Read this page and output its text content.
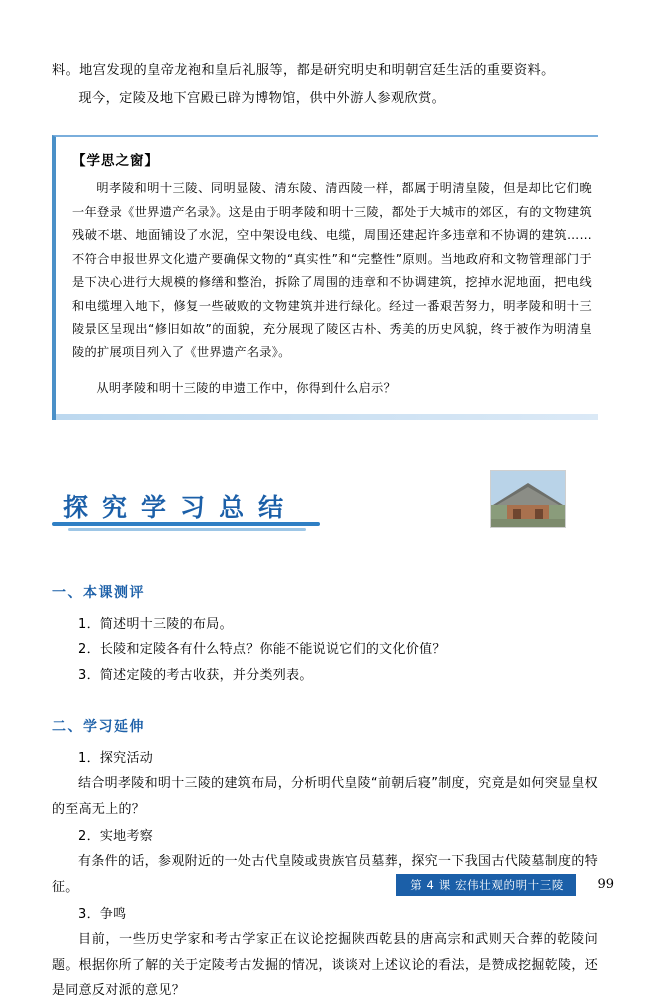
料。地宫发现的皇帝龙袍和皇后礼服等，都是研究明史和明朝宫廷生活的重要资料。

现今，定陵及地下宫殿已辟为博物馆，供中外游人参观欣赏。

【学思之窗】

明孝陵和明十三陵、同明显陵、清东陵、清西陵一样，都属于明清皇陵，但是却比它们晚一年登录《世界遗产名录》。这是由于明孝陵和明十三陵，都处于大城市的郊区，有的文物建筑残破不堪、地面铺设了水泥，空中架设电线、电缆，周围还建起许多违章和不协调的建筑……不符合申报世界文化遗产要确保文物的“真实性”和“完整性”原则。当地政府和文物管理部门于是下决心进行大规模的修缮和整治，拆除了周围的违章和不协调建筑，挖掉水泥地面，把电线和电缆埋入地下，修复一些破败的文物建筑并进行绿化。经过一番艰苦努力，明孝陵和明十三陵景区呈现出“修旧如故”的面貌，充分展现了陵区古朴、秀美的历史风貌，终于被作为明清皇陵的扩展项目列入了《世界遗产名录》。

从明孝陵和明十三陵的申遗工作中，你得到什么启示？

探 究 学 习 总 结
一、本课测评
1．简述明十三陵的布局。
2．长陵和定陵各有什么特点？你能不能说说它们的文化价值？
3．简述定陵的考古收获，并分类列表。
二、学习延伸

1．探究活动

结合明孝陵和明十三陵的建筑布局，分析明代皇陵“前朝后寝”制度，究竟是如何突显皇权的至高无上的？

2．实地考察

有条件的话，参观附近的一处古代皇陵或贵族官员墓葬，探究一下我国古代陵墓制度的特征。

3．争鸣

目前，一些历史学家和考古学家正在议论挖掘陕西乾县的唐高宗和武则天合葬的乾陵问题。根据你所了解的关于定陵考古发掘的情况，谈谈对上述议论的看法，是赞成挖掘乾陵，还是同意反对派的意见？

第 4 课 宏伟壮观的明十三陵	99
